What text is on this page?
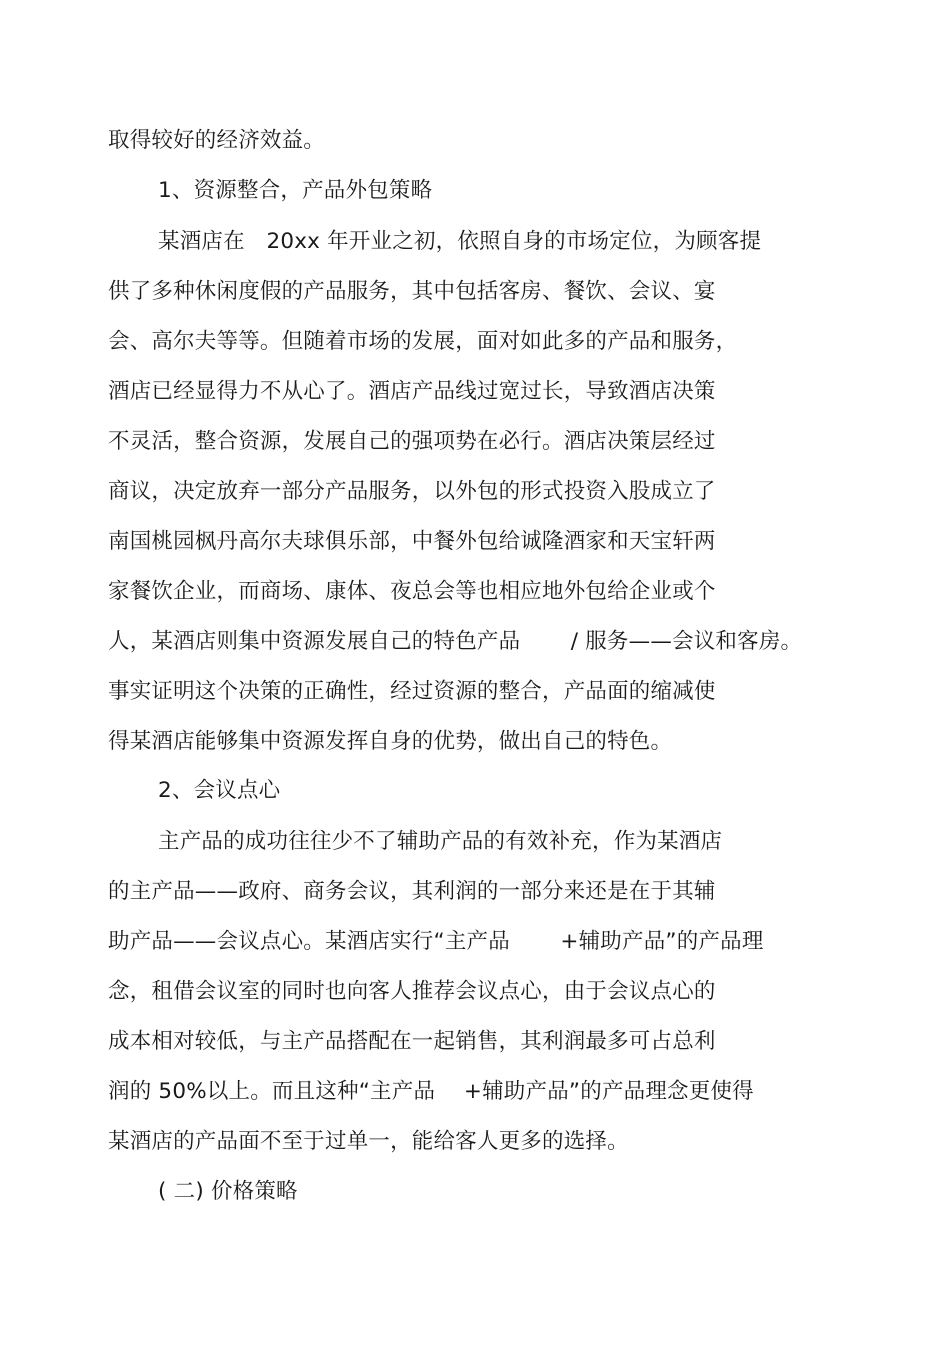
取得较好的经济效益。
1、资源整合，产品外包策略
某酒店在　20xx 年开业之初，依照自身的市场定位，为顾客提
供了多种休闲度假的产品服务，其中包括客房、餐饮、会议、宴
会、高尔夫等等。但随着市场的发展，面对如此多的产品和服务，
酒店已经显得力不从心了。酒店产品线过宽过长，导致酒店决策
不灵活，整合资源，发展自己的强项势在必行。酒店决策层经过
商议，决定放弃一部分产品服务，以外包的形式投资入股成立了
南国桃园枫丹高尔夫球俱乐部，中餐外包给诚隆酒家和天宝轩两
家餐饮企业，而商场、康体、夜总会等也相应地外包给企业或个
人，某酒店则集中资源发展自己的特色产品　　 / 服务——会议和客房。
事实证明这个决策的正确性，经过资源的整合，产品面的缩减使
得某酒店能够集中资源发挥自身的优势，做出自己的特色。
2、会议点心
主产品的成功往往少不了辅助产品的有效补充，作为某酒店
的主产品——政府、商务会议，其利润的一部分来还是在于其辅
助产品——会议点心。某酒店实行“主产品　　 +辅助产品”的产品理
念，租借会议室的同时也向客人推荐会议点心，由于会议点心的
成本相对较低，与主产品搭配在一起销售，其利润最多可占总利
润的 50%以上。而且这种“主产品　 +辅助产品”的产品理念更使得
某酒店的产品面不至于过单一，能给客人更多的选择。
( 二) 价格策略
